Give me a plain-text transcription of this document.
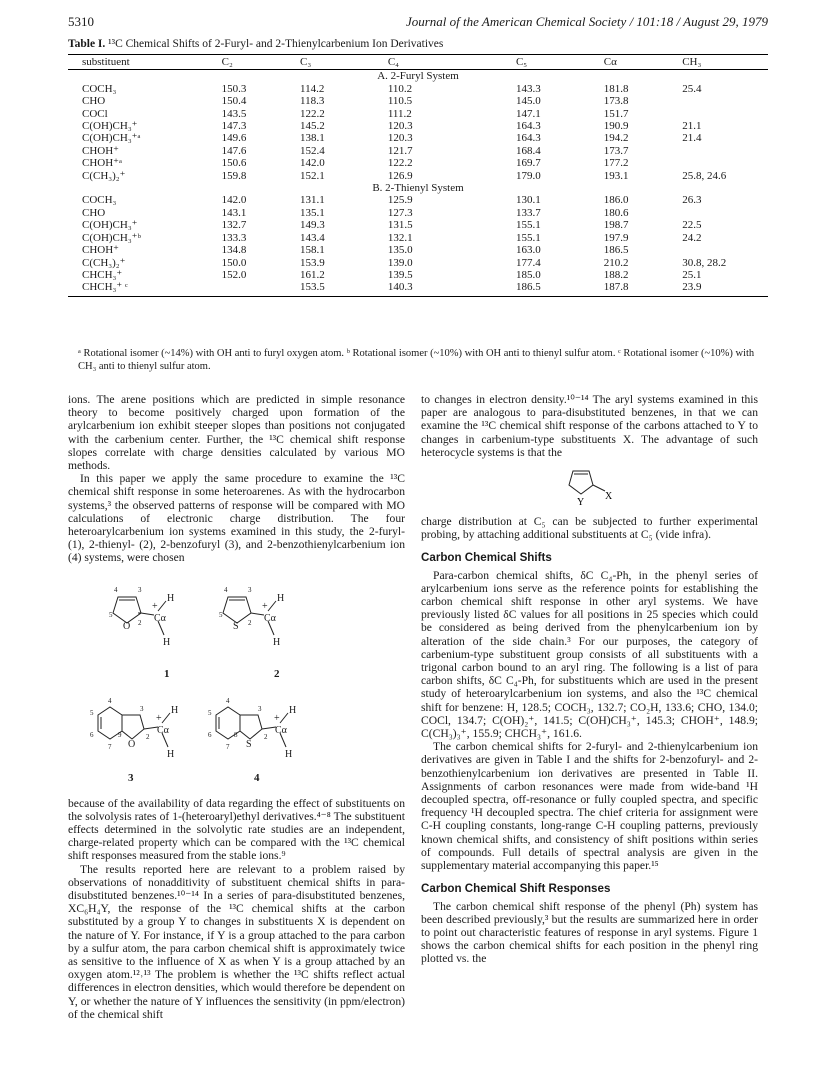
5310	Journal of the American Chemical Society / 101:18 / August 29, 1979
Table I. ¹³C Chemical Shifts of 2-Furyl- and 2-Thienylcarbenium Ion Derivatives
substituent	C₂	C₃	C₄	C₅	Cα	CH₃
A. 2-Furyl System						
COCH₃	150.3	114.2	110.2	143.3	181.8	25.4
CHO	150.4	118.3	110.5	145.0	173.8	
COCl	143.5	122.2	111.2	147.1	151.7	
C(OH)CH₃⁺	147.3	145.2	120.3	164.3	190.9	21.1
C(OH)CH₃⁺ᵃ	149.6	138.1	120.3	164.3	194.2	21.4
CHOH⁺	147.6	152.4	121.7	168.4	173.7	
CHOH⁺ᵃ	150.6	142.0	122.2	169.7	177.2	
C(CH₃)₂⁺	159.8	152.1	126.9	179.0	193.1	25.8, 24.6
B. 2-Thienyl System						
COCH₃	142.0	131.1	125.9	130.1	186.0	26.3
CHO	143.1	135.1	127.3	133.7	180.6	
C(OH)CH₃⁺	132.7	149.3	131.5	155.1	198.7	22.5
C(OH)CH₃⁺ᵇ	133.3	143.4	132.1	155.1	197.9	24.2
CHOH⁺	134.8	158.1	135.0	163.0	186.5	
C(CH₃)₂⁺	150.0	153.9	139.0	177.4	210.2	30.8, 28.2
CHCH₃⁺	152.0	161.2	139.5	185.0	188.2	25.1
CHCH₃⁺ ᶜ		153.5	140.3	186.5	187.8	23.9
ᵃ Rotational isomer (~14%) with OH anti to furyl oxygen atom. ᵇ Rotational isomer (~10%) with OH anti to thienyl sulfur atom. ᶜ Rotational isomer (~10%) with CH₃ anti to thienyl sulfur atom.

ions. The arene positions which are predicted in simple resonance theory to become positively charged upon formation of the arylcarbenium ion exhibit steeper slopes than positions not conjugated with the carbenium center. Further, the ¹³C chemical shift response slopes correlate with charge densities calculated by various MO methods.

In this paper we apply the same procedure to examine the ¹³C chemical shift response in some heteroarenes. As with the hydrocarbon systems,³ the observed patterns of response will be compared with MO calculations of electronic charge distribution. The four heteroarylcarbenium ion systems examined in this study, the 2-furyl- (1), 2-thienyl- (2), 2-benzofuryl (3), and 2-benzothienylcarbenium ion (4) systems, were chosen

O
5
4	3
2 Cα
+
H
H
1
S
5
4	3
2 Cα
+
H
H
2
O
4
5
6
7
9
3
2
Cα
+
H
H
3
S
4
5
6
7
8
3
2
Cα
+
H
H
4

because of the availability of data regarding the effect of substituents on the solvolysis rates of 1-(heteroaryl)ethyl derivatives.⁴⁻⁸ The substituent effects determined in the solvolytic rate studies are an independent, charge-related property which can be compared with the ¹³C chemical shift responses measured from the stable ions.⁹

The results reported here are relevant to a problem raised by observations of nonadditivity of substituent chemical shifts in para-disubstituted benzenes.¹⁰⁻¹⁴ In a series of para-disubstituted benzenes, XC₆H₄Y, the response of the ¹³C chemical shifts at the carbon substituted by a group Y to changes in substituents X is dependent on the nature of Y. For instance, if Y is a group attached to the para carbon by a sulfur atom, the para carbon chemical shift is approximately twice as sensitive to the influence of X as when Y is a group attached by an oxygen atom.¹²˒¹³ The problem is whether the ¹³C shifts reflect actual differences in electron densities, which would therefore be dependent on Y, or whether the nature of Y influences the sensitivity (in ppm/electron) of the chemical shift

to changes in electron density.¹⁰⁻¹⁴ The aryl systems examined in this paper are analogous to para-disubstituted benzenes, in that we can examine the ¹³C chemical shift response of the carbons attached to Y to changes in carbenium-type substituents X. The advantage of such heterocycle systems is that the

Y
X

charge distribution at C₅ can be subjected to further experimental probing, by attaching additional substituents at C₅ (vide infra).

Carbon Chemical Shifts

Para-carbon chemical shifts, δC C₄-Ph, in the phenyl series of arylcarbenium ions serve as the reference points for establishing the carbon chemical shift response in other aryl systems. We have previously listed δC values for all positions in 25 species which could be considered as being derived from the phenylcarbenium ion by alteration of the side chain.³ For our purposes, the category of carbenium-type substituent group consists of all substituents with a trigonal carbon bound to an aryl ring. The following is a list of para carbon shifts, δC C₄-Ph, for substituents which are used in the present study of heteroarylcarbenium ion systems, and also the ¹³C chemical shift for benzene: H, 128.5; COCH₃, 132.7; CO₂H, 133.6; CHO, 134.0; COCl, 134.7; C(OH)₂⁺, 141.5; C(OH)CH₃⁺, 145.3; CHOH⁺, 148.9; C(CH₃)₃⁺, 155.9; CHCH₃⁺, 161.6.

The carbon chemical shifts for 2-furyl- and 2-thienylcarbenium ion derivatives are given in Table I and the shifts for 2-benzofuryl- and 2-benzothienylcarbenium ion derivatives are presented in Table II. Assignments of carbon resonances were made from wide-band ¹H decoupled spectra, off-resonance or fully coupled spectra, and specific frequency ¹H decoupled spectra. The chief criteria for assignment were C-H coupling constants, long-range C-H coupling patterns, previously known chemical shifts, and consistency of shift positions within series of compounds. Full details of spectral analysis are given in the supplementary material accompanying this paper.¹⁵

Carbon Chemical Shift Responses

The carbon chemical shift response of the phenyl (Ph) system has been described previously,³ but the results are summarized here in order to point out characteristic features of response in aryl systems. Figure 1 shows the carbon chemical shifts for each position in the phenyl ring plotted vs. the
